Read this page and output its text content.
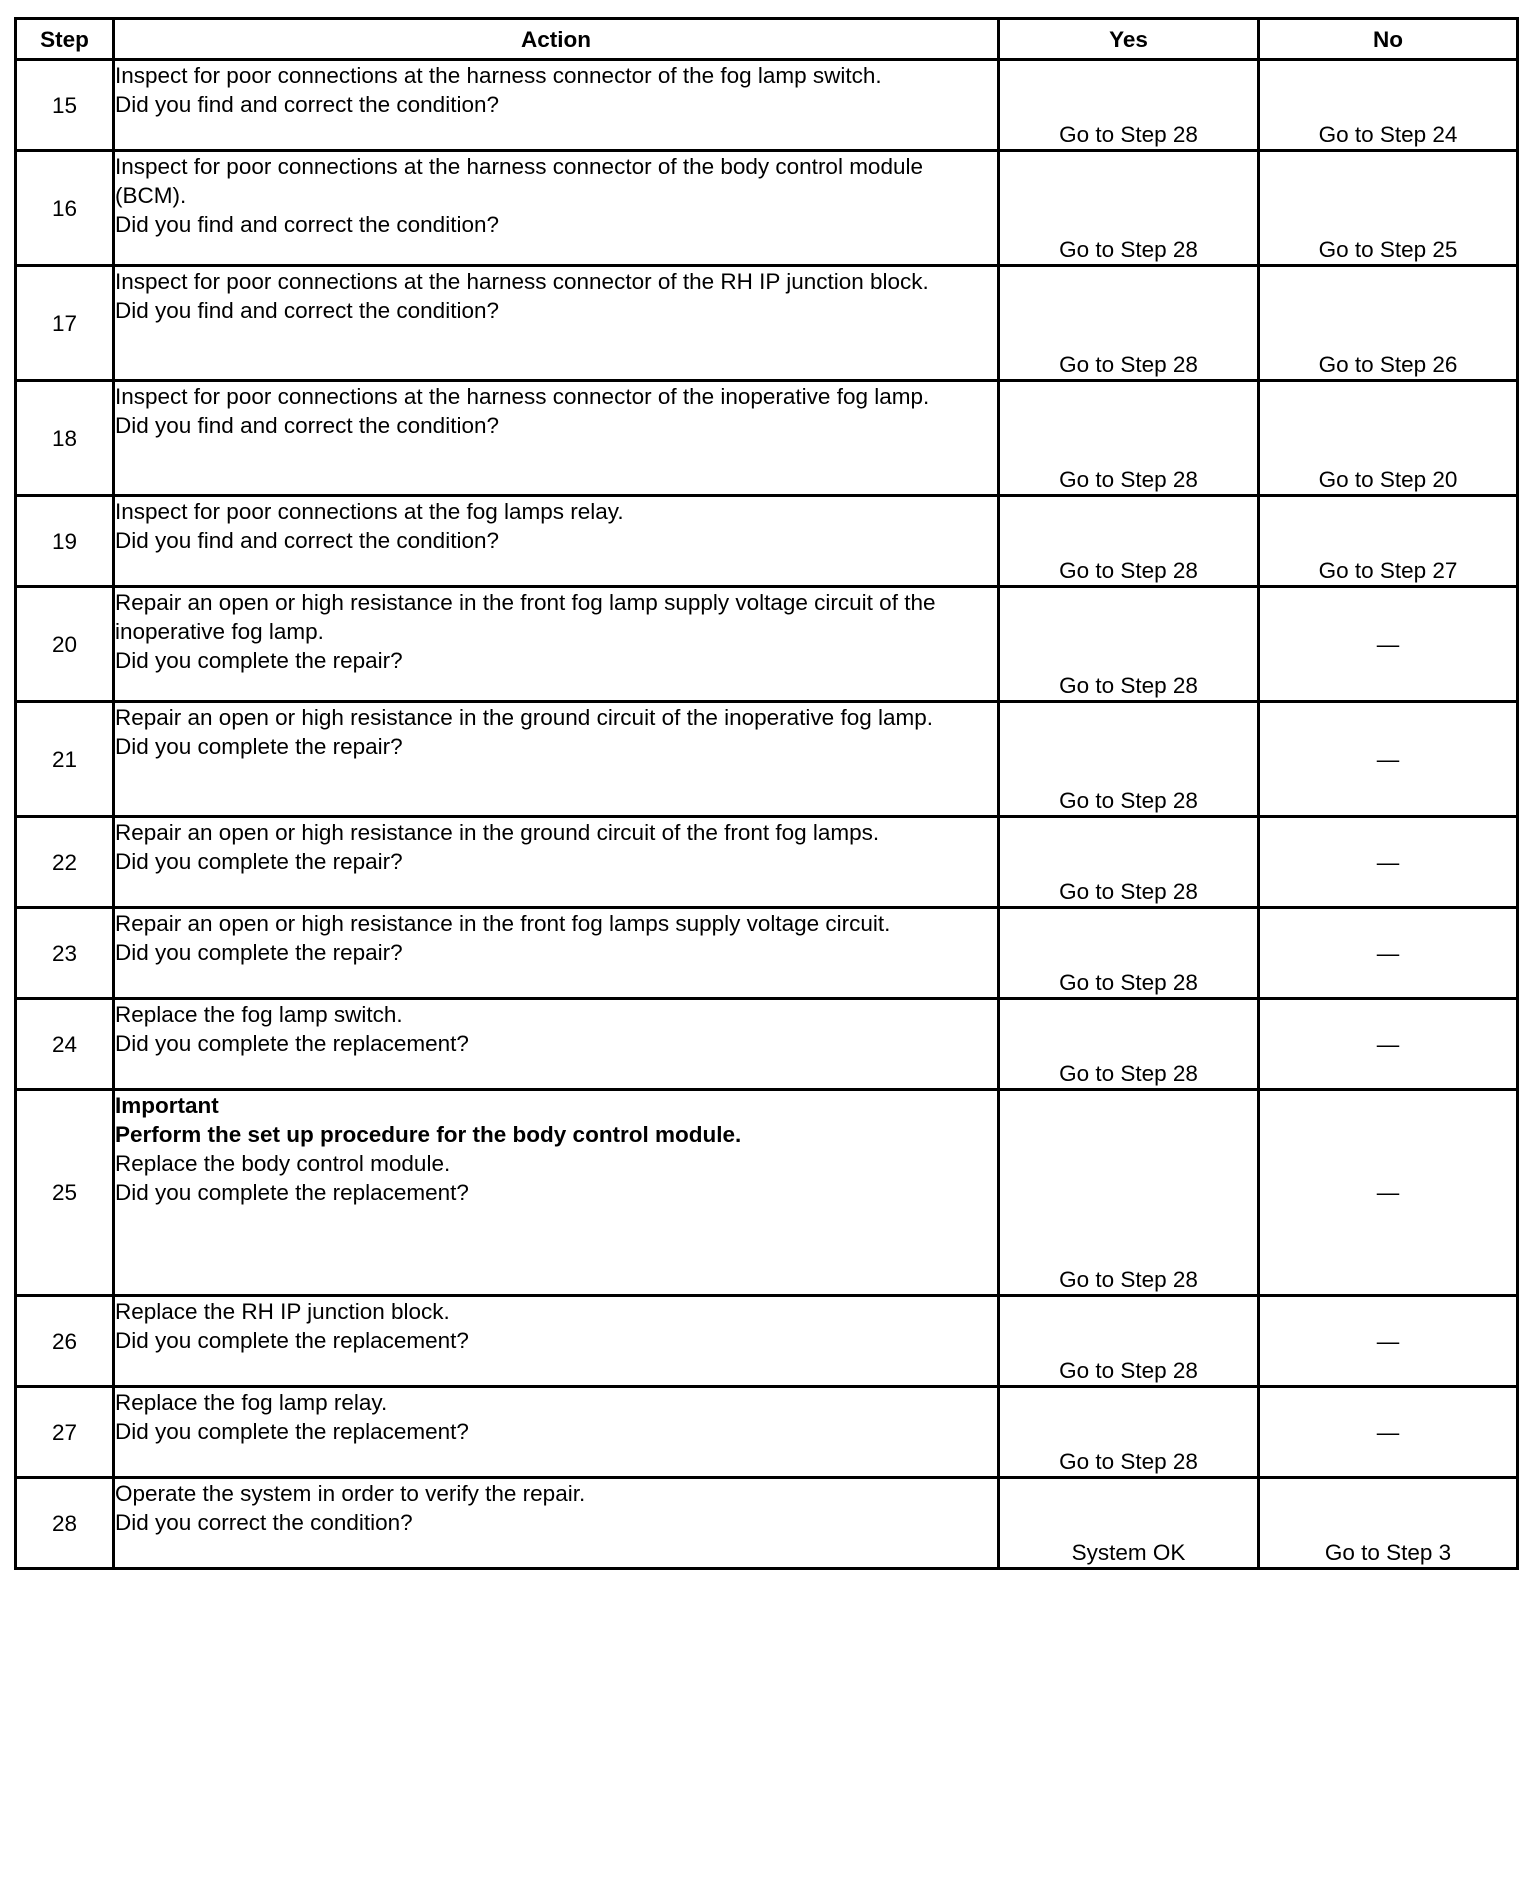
Step	Action	Yes	No
15	Inspect for poor connections at the harness connector of the fog lamp switch.
Did you find and correct the condition?	Go to Step 28	Go to Step 24
16	Inspect for poor connections at the harness connector of the body control module (BCM).
Did you find and correct the condition?	Go to Step 28	Go to Step 25
17	Inspect for poor connections at the harness connector of the RH IP junction block.
Did you find and correct the condition?	Go to Step 28	Go to Step 26
18	Inspect for poor connections at the harness connector of the inoperative fog lamp.
Did you find and correct the condition?	Go to Step 28	Go to Step 20
19	Inspect for poor connections at the fog lamps relay.
Did you find and correct the condition?	Go to Step 28	Go to Step 27
20	Repair an open or high resistance in the front fog lamp supply voltage circuit of the inoperative fog lamp.
Did you complete the repair?	Go to Step 28	—
21	Repair an open or high resistance in the ground circuit of the inoperative fog lamp.
Did you complete the repair?	Go to Step 28	—
22	Repair an open or high resistance in the ground circuit of the front fog lamps.
Did you complete the repair?	Go to Step 28	—
23	Repair an open or high resistance in the front fog lamps supply voltage circuit.
Did you complete the repair?	Go to Step 28	—
24	Replace the fog lamp switch.
Did you complete the replacement?	Go to Step 28	—
25	Important
Perform the set up procedure for the body control module.
Replace the body control module.
Did you complete the replacement?	Go to Step 28	—
26	Replace the RH IP junction block.
Did you complete the replacement?	Go to Step 28	—
27	Replace the fog lamp relay.
Did you complete the replacement?	Go to Step 28	—
28	Operate the system in order to verify the repair.
Did you correct the condition?	System OK	Go to Step 3
